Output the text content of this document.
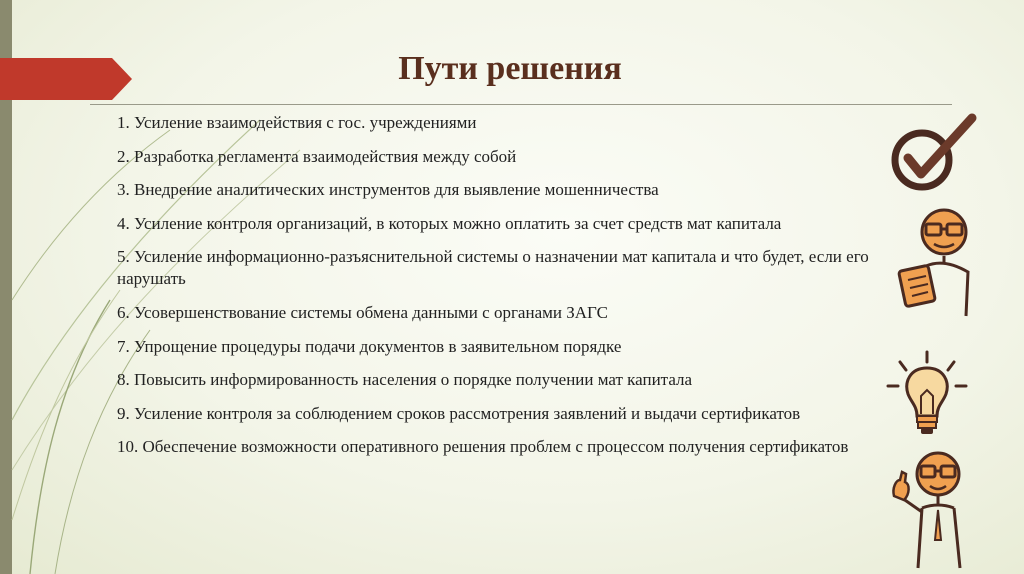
Пути решения
1. Усиление взаимодействия с гос. учреждениями
2. Разработка регламента взаимодействия между собой
3. Внедрение аналитических инструментов для выявление мошенничества
4. Усиление контроля организаций, в которых можно оплатить за счет средств мат капитала
5. Усиление информационно-разъяснительной системы о назначении мат капитала и что будет, если его нарушать
6. Усовершенствование системы обмена данными с органами ЗАГС
7. Упрощение процедуры подачи документов в заявительном порядке
8. Повысить информированность населения о порядке получении мат капитала
9. Усиление контроля за соблюдением сроков рассмотрения заявлений и выдачи сертификатов
10. Обеспечение возможности оперативного решения проблем с процессом получения сертификатов
